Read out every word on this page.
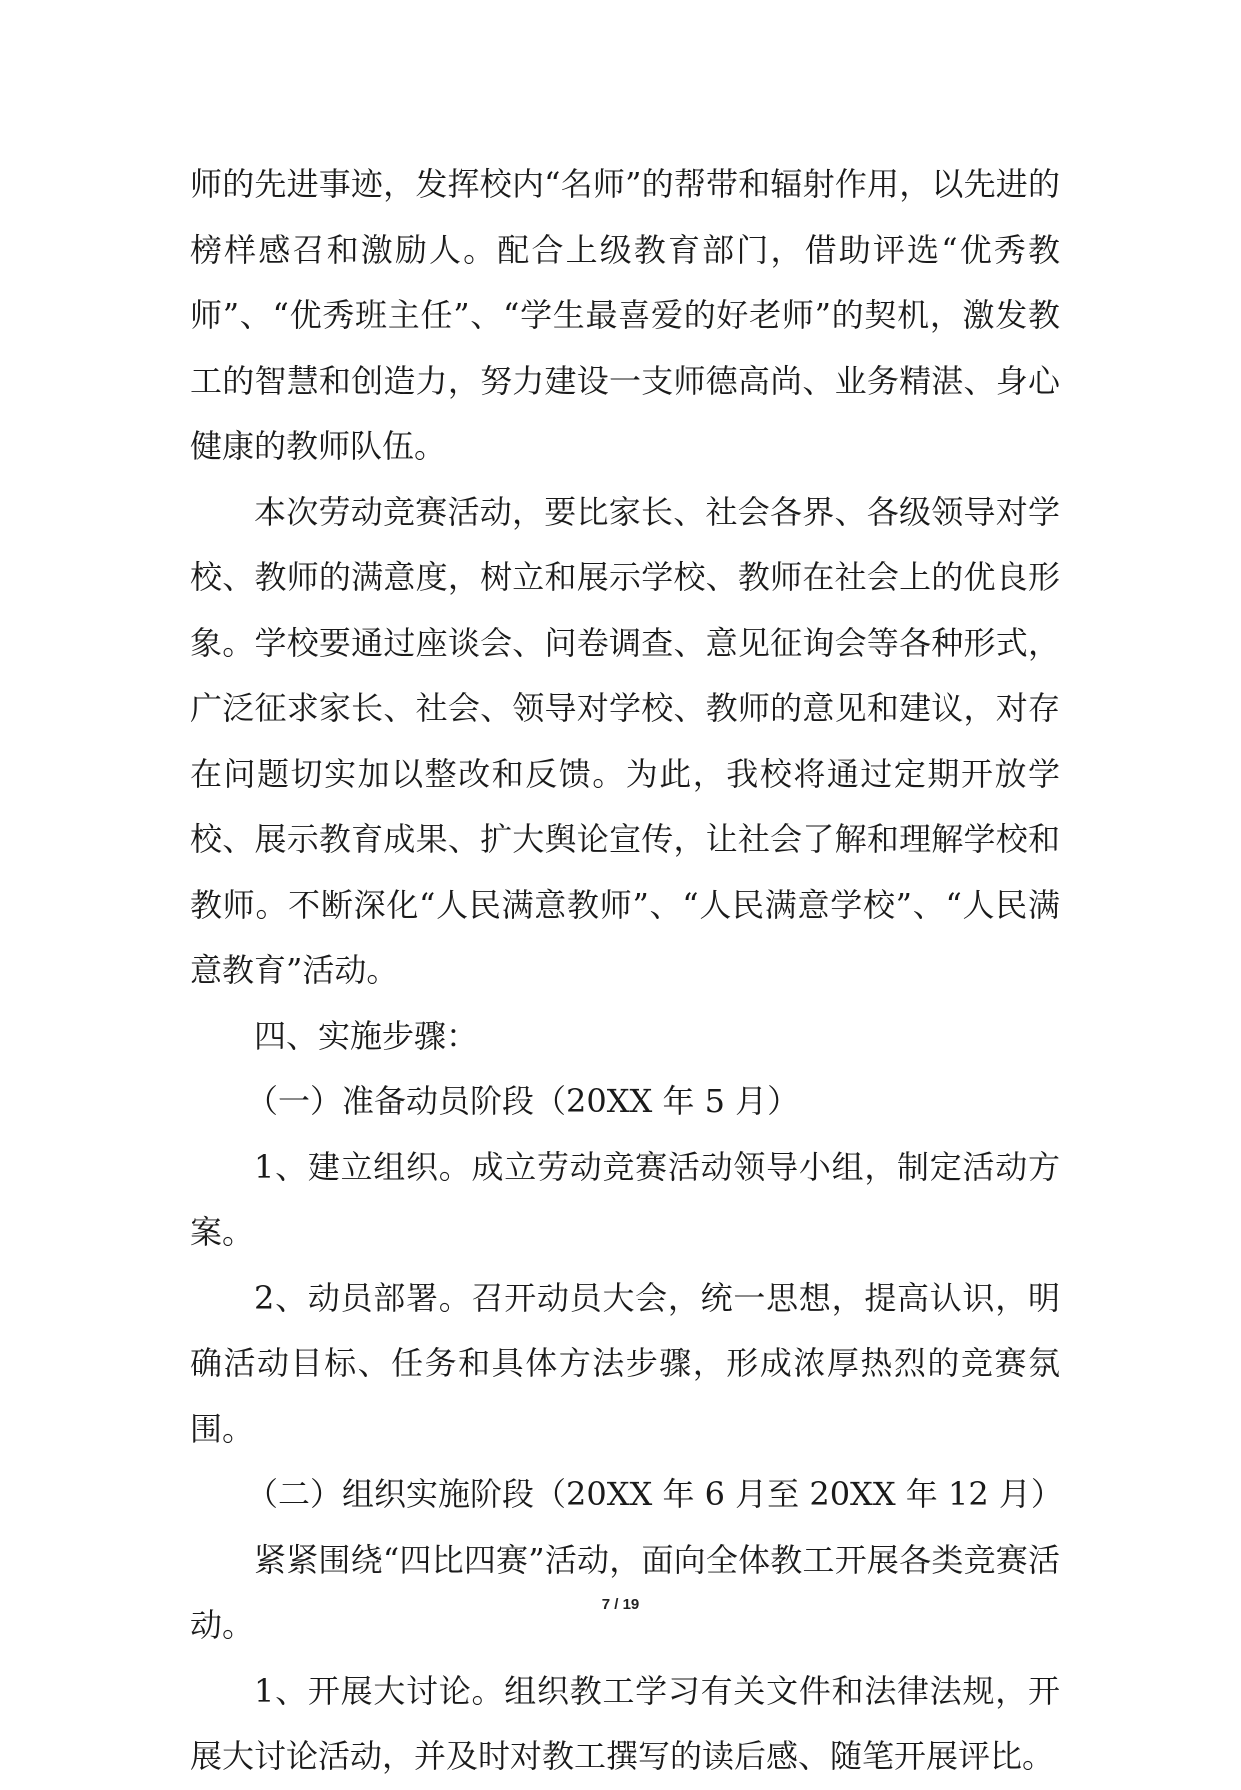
师的先进事迹，发挥校内“名师”的帮带和辐射作用，以先进的榜样感召和激励人。配合上级教育部门，借助评选“优秀教师”、“优秀班主任”、“学生最喜爱的好老师”的契机，激发教工的智慧和创造力，努力建设一支师德高尚、业务精湛、身心健康的教师队伍。

本次劳动竞赛活动，要比家长、社会各界、各级领导对学校、教师的满意度，树立和展示学校、教师在社会上的优良形象。学校要通过座谈会、问卷调查、意见征询会等各种形式，广泛征求家长、社会、领导对学校、教师的意见和建议，对存在问题切实加以整改和反馈。为此，我校将通过定期开放学校、展示教育成果、扩大舆论宣传，让社会了解和理解学校和教师。不断深化“人民满意教师”、“人民满意学校”、“人民满意教育”活动。

四、实施步骤：

（一）准备动员阶段（20XX 年 5 月）

1、建立组织。成立劳动竞赛活动领导小组，制定活动方案。

2、动员部署。召开动员大会，统一思想，提高认识，明确活动目标、任务和具体方法步骤，形成浓厚热烈的竞赛氛围。

（二）组织实施阶段（20XX 年 6 月至 20XX 年 12 月）

紧紧围绕“四比四赛”活动，面向全体教工开展各类竞赛活动。

1、开展大讨论。组织教工学习有关文件和法律法规，开展大讨论活动，并及时对教工撰写的读后感、随笔开展评比。

7 / 19
